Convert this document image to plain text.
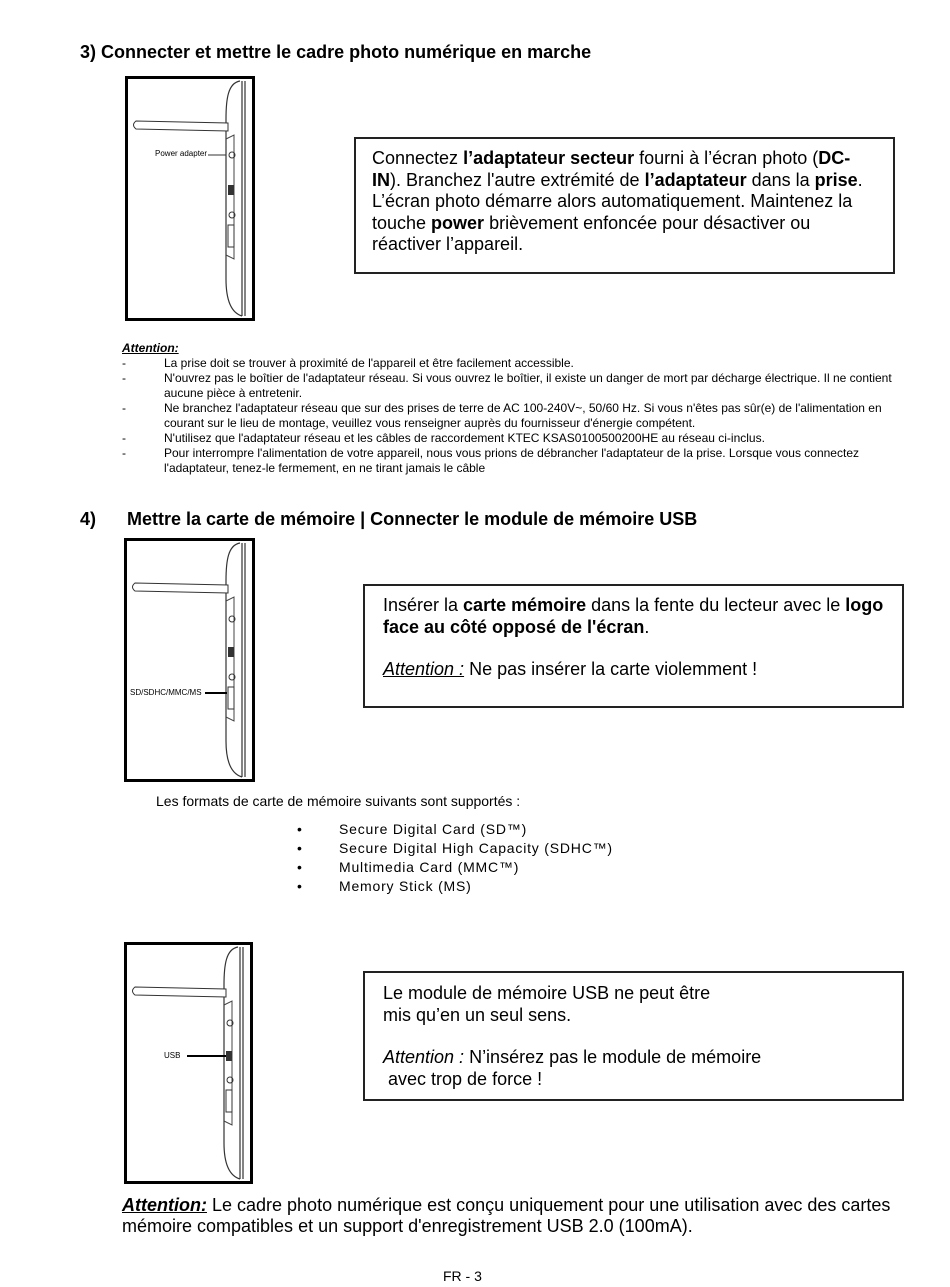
3) Connecter et mettre le cadre photo numérique en marche
Power adapter	Connectez l’adaptateur secteur fourni à l’écran photo (DC-IN). Branchez l'autre extrémité de l’adaptateur dans la prise. L’écran photo démarre alors automatiquement. Maintenez la touche power brièvement enfoncée pour désactiver ou réactiver l’appareil.

Attention:
-	La prise doit se trouver à proximité de l'appareil et être facilement accessible.
-	N'ouvrez pas le boîtier de l'adaptateur réseau. Si vous ouvrez le boîtier, il existe un danger de mort par décharge électrique. Il ne contient aucune pièce à entretenir.
-	Ne branchez l'adaptateur réseau que sur des prises de terre de AC 100-240V~, 50/60 Hz. Si vous n'êtes pas sûr(e) de l'alimentation en courant sur le lieu de montage, veuillez vous renseigner auprès du fournisseur d'énergie compétent.
-	N'utilisez que l'adaptateur réseau et les câbles de raccordement KTEC KSAS0100500200HE au réseau ci-inclus.
-	Pour interrompre l'alimentation de votre appareil, nous vous prions de débrancher l'adaptateur de la prise. Lorsque vous connectez l'adaptateur, tenez-le fermement, en ne tirant jamais le câble
4) Mettre la carte de mémoire | Connecter le module de mémoire USB
SD/SDHC/MMC/MS

Insérer la carte mémoire dans la fente du lecteur avec le logo face au côté opposé de l'écran.

Attention : Ne pas insérer la carte violemment !

Les formats de carte de mémoire suivants sont supportés :
•	Secure Digital Card (SD™)
•	Secure Digital High Capacity (SDHC™)
•	Multimedia Card (MMC™)
•	Memory Stick (MS)
USB

Le module de mémoire USB ne peut être

mis qu’en un seul sens.

Attention : N’insérez pas le module de mémoire

avec trop de force !

Attention: Le cadre photo numérique est conçu uniquement pour une utilisation avec des cartes mémoire compatibles et un support d'enregistrement USB 2.0 (100mA).
FR - 3
